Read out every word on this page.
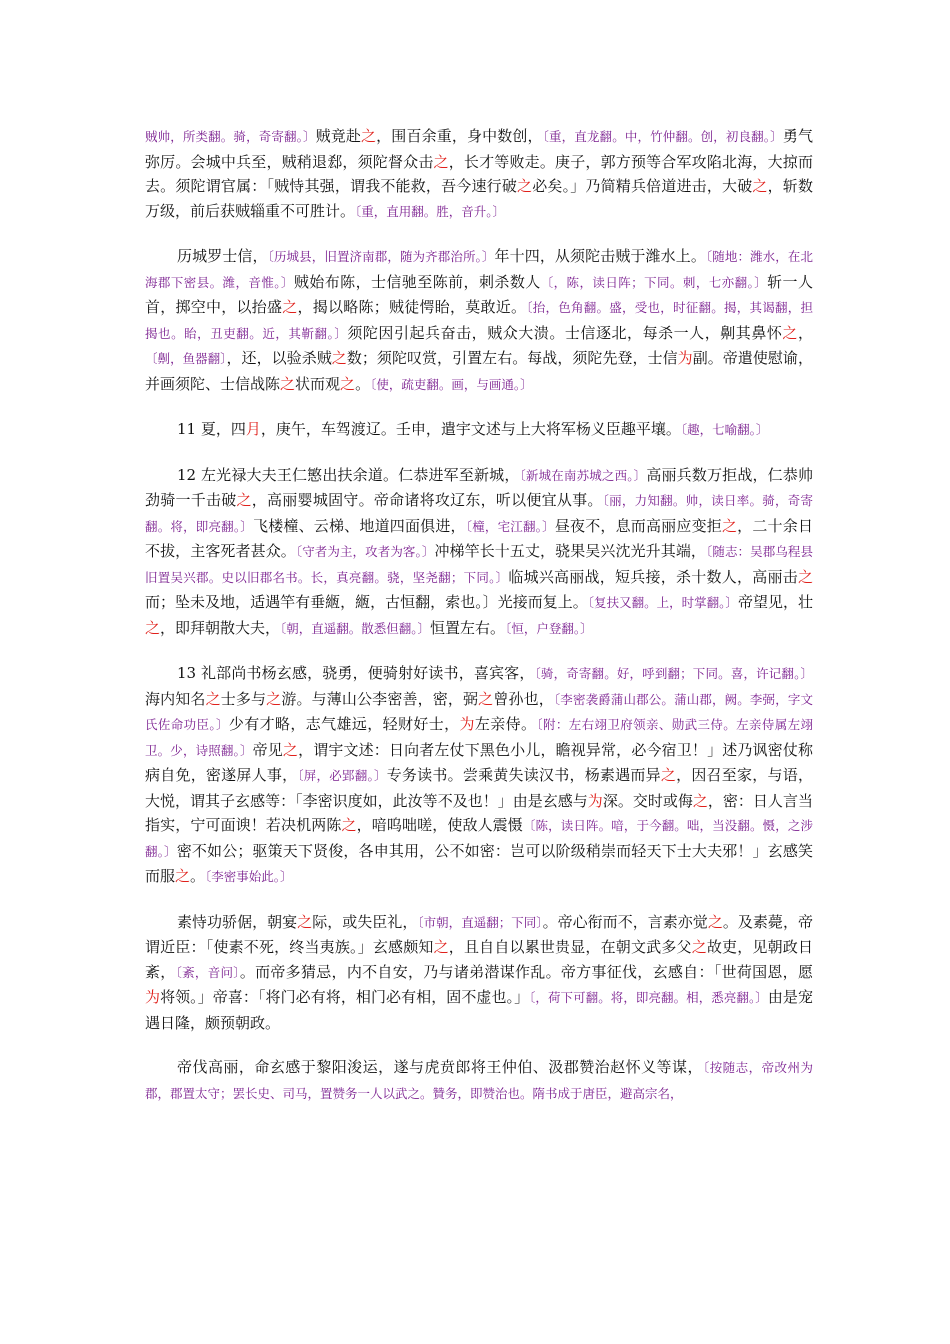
贼帅，所类翻。骑，奇寄翻。〕贼竟赴之，围百余重，身中数创，〔重，直龙翻。中，竹仲翻。创，初良翻。〕勇气弥厉。会城中兵至，贼稍退郄，须陀督众击之，长才等败走。庚子，郭方预等合军攻陷北海，大掠而去。须陀谓官属：「贼恃其强，谓我不能救，吾今速行破之必矣。」乃简精兵倍道进击，大破之，斩数万级，前后获贼辎重不可胜计。〔重，直用翻。胜，音升。〕

历城罗士信，〔历城县，旧置济南郡，随为齐郡治所。〕年十四，从须陀击贼于潍水上。〔随地：潍水，在北海郡下密县。潍，音惟。〕贼始布陈，士信驰至陈前，刺杀数人〔，陈，读日阵；下同。刺，七亦翻。〕斩一人首，掷空中，以抬盛之，揭以略陈；贼徒愕眙，莫敢近。〔抬，色角翻。盛，受也，时征翻。揭，其谒翻，担揭也。眙，丑吏翻。近，其靳翻。〕须陀因引起兵奋击，贼众大溃。士信逐北，每杀一人，劓其鼻怀之，〔劓，鱼器翻〕，还，以验杀贼之数；须陀叹赏，引置左右。每战，须陀先登，士信为副。帝遣使慰谕，并画须陀、士信战陈之状而观之。〔使，疏吏翻。画，与画通。〕

11 夏，四月，庚午，车驾渡辽。壬申，遣宇文述与上大将军杨义臣趣平壤。〔趣，七喻翻。〕

12 左光禄大夫王仁慜出扶余道。仁恭进军至新城，〔新城在南苏城之西。〕高丽兵数万拒战，仁恭帅劲骑一千击破之，高丽婴城固守。帝命诸将攻辽东，听以便宜从事。〔丽，力知翻。帅，读日率。骑，奇寄翻。将，即亮翻。〕飞楼橦、云梯、地道四面俱进，〔橦，宅江翻。〕昼夜不，息而高丽应变拒之，二十余日不拔，主客死者甚众。〔守者为主，攻者为客。〕冲梯竿长十五丈，骁果吴兴沈光升其端，〔随志：吴郡乌程县旧置吴兴郡。史以旧郡名书。长，真亮翻。骁，坚尧翻；下同。〕临城兴高丽战，短兵接，杀十数人，高丽击之而；坠未及地，适遇竿有垂緪，緪，古恒翻，索也。〕光接而复上。〔复扶又翻。上，时掌翻。〕帝望见，壮之，即拜朝散大夫，〔朝，直遥翻。散悉但翻。〕恒置左右。〔恒，户登翻。〕

13 礼部尚书杨玄感，骁勇，便骑射好读书，喜宾客，〔骑，奇寄翻。好，呼到翻；下同。喜，许记翻。〕海内知名之士多与之游。与薄山公李密善，密，弼之曾孙也，〔李密袭爵蒲山郡公。蒲山郡，阙。李弼，字文氏佐命功臣。〕少有才略，志气雄远，轻财好士，为左亲侍。〔附：左右翊卫府领亲、勋武三侍。左亲侍属左翊卫。少，诗照翻。〕帝见之，谓宇文述：日向者左仗下黑色小儿，瞻视异常，必今宿卫！」述乃讽密仗称病自免，密遂屏人事，〔屏，必郢翻。〕专务读书。尝乘黄失读汉书，杨素遇而异之，因召至家，与语，大悦，谓其子玄感等：「李密识度如，此汝等不及也！」由是玄感与为深。交时或侮之，密：日人言当指实，宁可面谀！若决机两陈之，喑呜咄嗟，使敌人震慑〔陈，读日阵。喑，于今翻。咄，当没翻。慑，之涉翻。〕密不如公；驱策天下贤俊，各申其用，公不如密：岂可以阶级稍崇而轻天下士大夫邪！」玄感笑而服之。〔李密事始此。〕

素恃功骄倨，朝宴之际，或失臣礼，〔市朝，直遥翻；下同〕。帝心衔而不，言素亦觉之。及素薨，帝谓近臣：「使素不死，终当夷族。」玄感颇知之，且自自以累世贵显，在朝文武多父之故吏，见朝政日紊，〔紊，音问〕。而帝多猜忌，内不自安，乃与诸弟潜谋作乱。帝方事征伐，玄感自：「世荷国恩，愿为将领。」帝喜：「将门必有将，相门必有相，固不虚也。」〔，荷下可翻。将，即亮翻。相，悉亮翻。〕由是宠遇日隆，颇预朝政。

帝伐高丽，命玄感于黎阳浚运，遂与虎贲郎将王仲伯、汲郡赞治赵怀义等谋，〔按随志，帝改州为郡，郡置太守；罢长史、司马，置赞务一人以武之。贊务，即赞治也。隋书成于唐臣，避高宗名，
